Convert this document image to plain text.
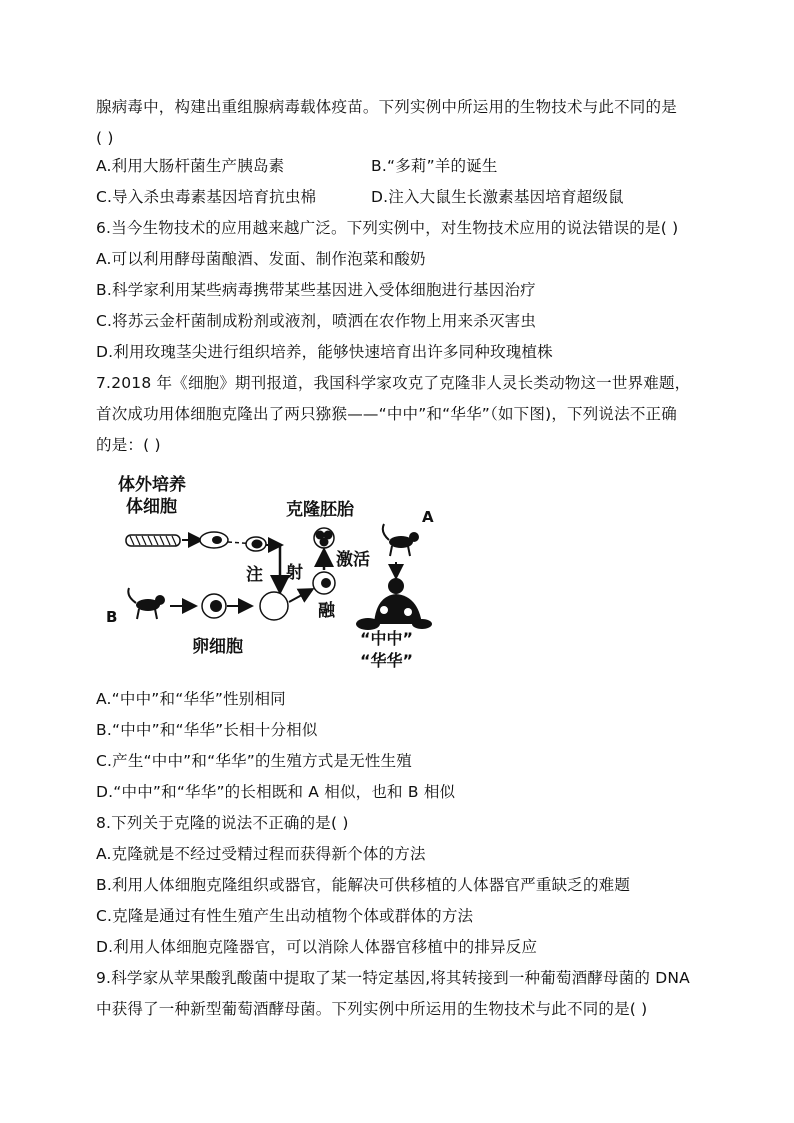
腺病毒中，构建出重组腺病毒载体疫苗。下列实例中所运用的生物技术与此不同的是
( )
A.利用大肠杆菌生产胰岛素	B.“多莉”羊的诞生
C.导入杀虫毒素基因培育抗虫棉	D.注入大鼠生长激素基因培育超级鼠
6.当今生物技术的应用越来越广泛。下列实例中，对生物技术应用的说法错误的是( )
A.可以利用酵母菌酿酒、发面、制作泡菜和酸奶
B.科学家利用某些病毒携带某些基因进入受体细胞进行基因治疗
C.将苏云金杆菌制成粉剂或液剂，喷洒在农作物上用来杀灭害虫
D.利用玫瑰茎尖进行组织培养，能够快速培育出许多同种玫瑰植株
7.2018 年《细胞》期刊报道，我国科学家攻克了克隆非人灵长类动物这一世界难题，
首次成功用体细胞克隆出了两只猕猴——“中中”和“华华”（如下图)，下列说法不正确
的是：( )
体外培养
体细胞
注 射
克隆胚胎
激活
融
A
“中中”
“华华”
B
卵细胞
A.“中中”和“华华”性别相同
B.“中中”和“华华”长相十分相似
C.产生“中中”和“华华”的生殖方式是无性生殖
D.“中中”和“华华”的长相既和 A 相似，也和 B 相似
8.下列关于克隆的说法不正确的是( )
A.克隆就是不经过受精过程而获得新个体的方法
B.利用人体细胞克隆组织或器官，能解决可供移植的人体器官严重缺乏的难题
C.克隆是通过有性生殖产生出动植物个体或群体的方法
D.利用人体细胞克隆器官，可以消除人体器官移植中的排异反应
9.科学家从苹果酸乳酸菌中提取了某一特定基因,将其转接到一种葡萄酒酵母菌的 DNA
中获得了一种新型葡萄酒酵母菌。下列实例中所运用的生物技术与此不同的是( )
